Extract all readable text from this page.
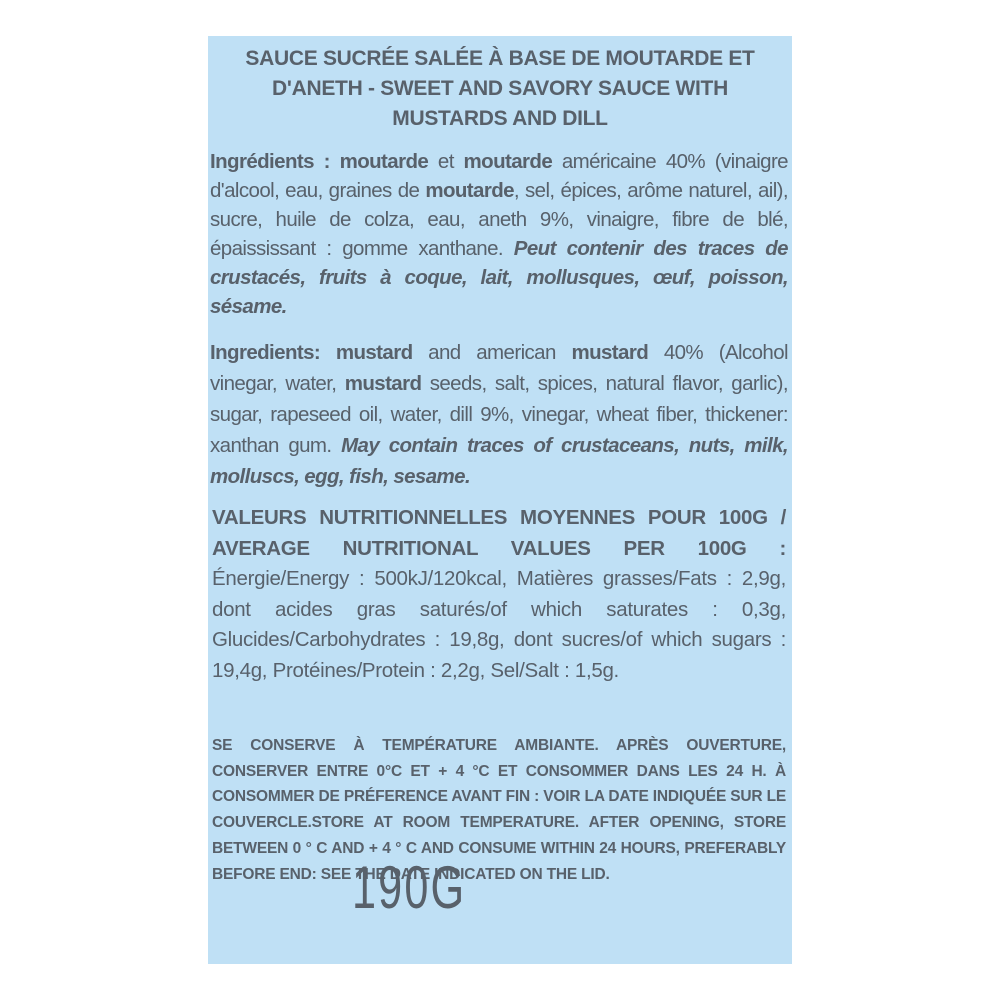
SAUCE SUCRÉE SALÉE À BASE DE MOUTARDE ET D'ANETH - SWEET AND SAVORY SAUCE WITH MUSTARDS AND DILL
Ingrédients : moutarde et moutarde américaine 40% (vinaigre d'alcool, eau, graines de moutarde, sel, épices, arôme naturel, ail), sucre, huile de colza, eau, aneth 9%, vinaigre, fibre de blé, épaississant : gomme xanthane. Peut contenir des traces de crustacés, fruits à coque, lait, mollusques, œuf, poisson, sésame.
Ingredients: mustard and american mustard 40% (Alcohol vinegar, water, mustard seeds, salt, spices, natural flavor, garlic), sugar, rapeseed oil, water, dill 9%, vinegar, wheat fiber, thickener: xanthan gum. May contain traces of crustaceans, nuts, milk, molluscs, egg, fish, sesame.
VALEURS NUTRITIONNELLES MOYENNES POUR 100G / AVERAGE NUTRITIONAL VALUES PER 100G : Énergie/Energy : 500kJ/120kcal, Matières grasses/Fats : 2,9g, dont acides gras saturés/of which saturates : 0,3g, Glucides/Carbohydrates : 19,8g, dont sucres/of which sugars : 19,4g, Protéines/Protein : 2,2g, Sel/Salt : 1,5g.
SE CONSERVE À TEMPÉRATURE AMBIANTE. APRÈS OUVERTURE, CONSERVER ENTRE 0°C ET + 4 °C ET CONSOMMER DANS LES 24 H. À CONSOMMER DE PRÉFERENCE AVANT FIN : VOIR LA DATE INDIQUÉE SUR LE COUVERCLE.STORE AT ROOM TEMPERATURE. AFTER OPENING, STORE BETWEEN 0 ° C AND + 4 ° C AND CONSUME WITHIN 24 HOURS, PREFERABLY BEFORE END: SEE THE DATE INDICATED ON THE LID.
190G
